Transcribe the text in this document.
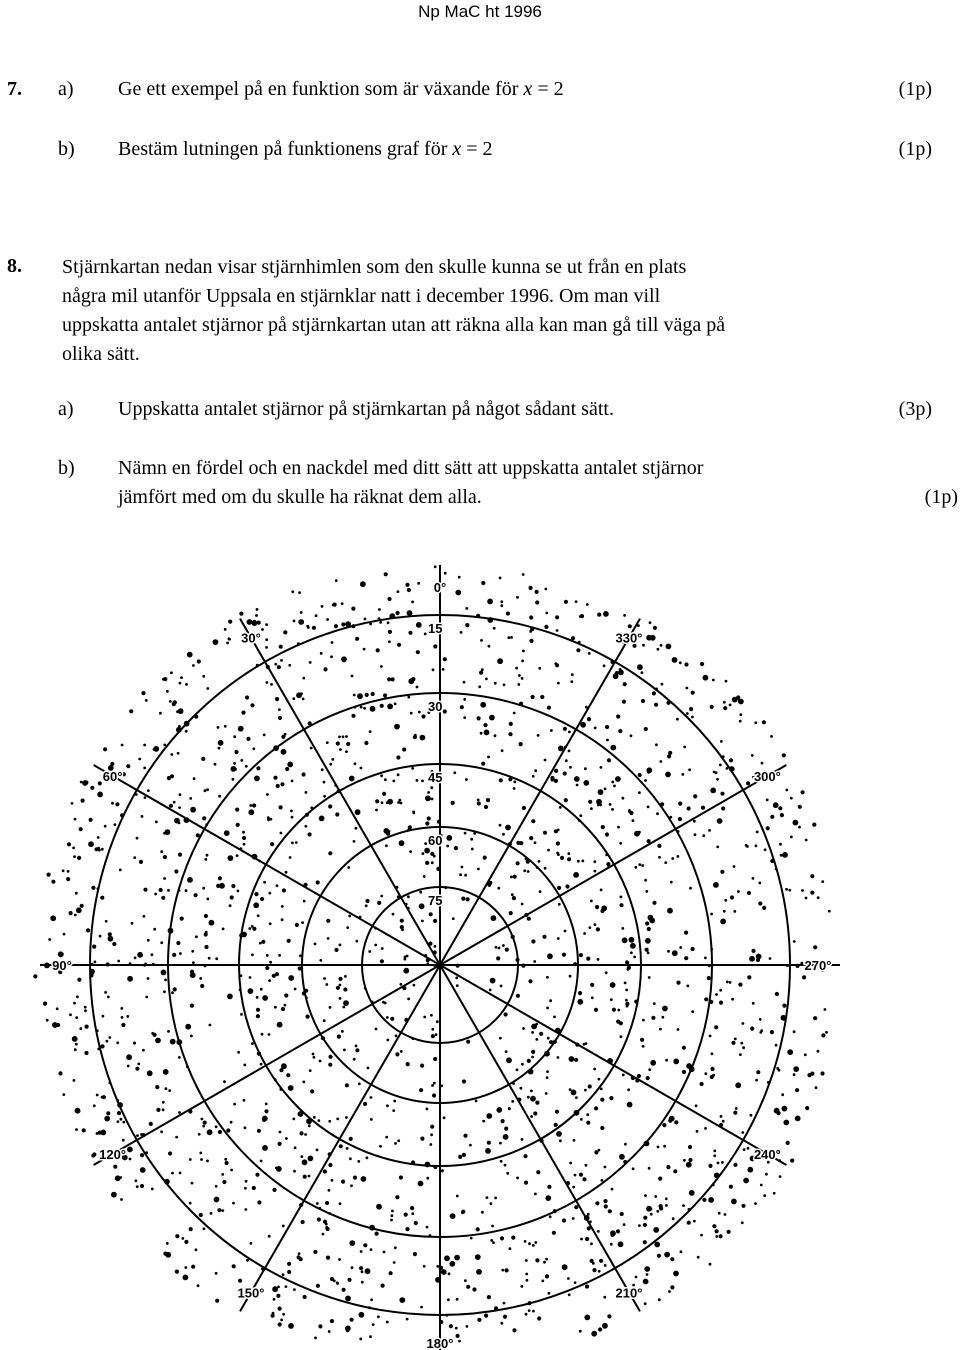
Np MaC ht 1996
7. a) Ge ett exempel på en funktion som är växande för x = 2	(1p)
b) Bestäm lutningen på funktionens graf för x = 2	(1p)
8. Stjärnkartan nedan visar stjärnhimlen som den skulle kunna se ut från en plats
några mil utanför Uppsala en stjärnklar natt i december 1996. Om man vill
uppskatta antalet stjärnor på stjärnkartan utan att räkna alla kan man gå till väga på
olika sätt.
a) Uppskatta antalet stjärnor på stjärnkartan på något sådant sätt.	(3p)
b) Nämn en fördel och en nackdel med ditt sätt att uppskatta antalet stjärnor
jämfört med om du skulle ha räknat dem alla.	(1p)
0°
30°
60°
90°
120°
150°
180°
210°
240°
270°
300°
330°
15
30
45
60
75
